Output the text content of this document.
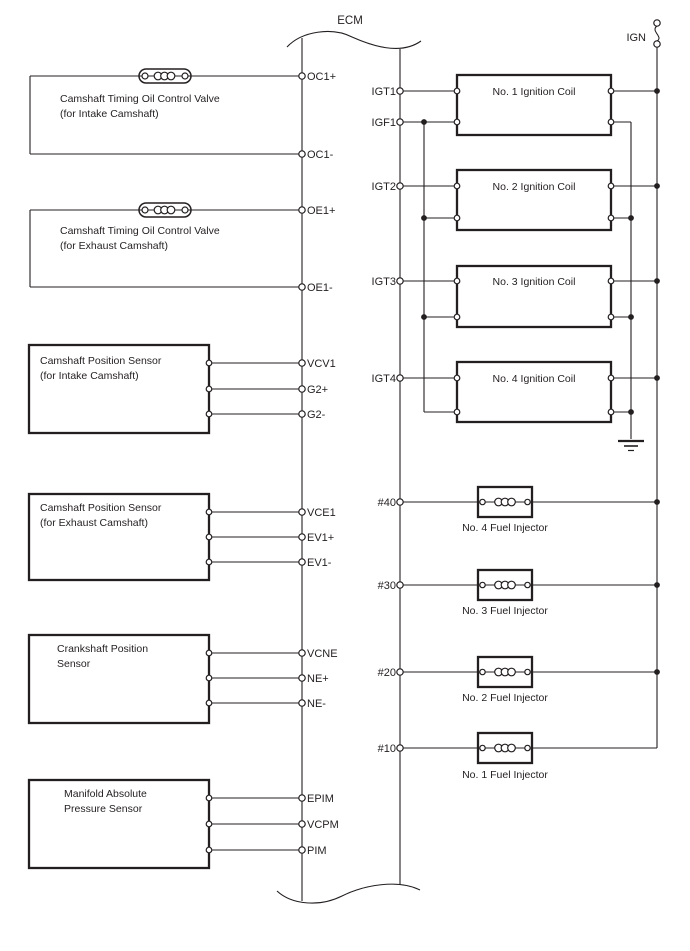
ECM
Camshaft Timing Oil Control Valve
(for Intake Camshaft)
Camshaft Timing Oil Control Valve
(for Exhaust Camshaft)
Camshaft Position Sensor
(for Intake Camshaft)
Camshaft Position Sensor
(for Exhaust Camshaft)
Crankshaft Position
Sensor
Manifold Absolute
Pressure Sensor
OC1+
OC1-
OE1+
OE1-
VCV1
G2+
G2-
VCE1
EV1+
EV1-
VCNE
NE+
NE-
EPIM
VCPM
PIM
No. 1 Ignition Coil
No. 2 Ignition Coil
No. 3 Ignition Coil
No. 4 Ignition Coil
IGN
No. 4 Fuel Injector
No. 3 Fuel Injector
No. 2 Fuel Injector
No. 1 Fuel Injector
IGT1
IGF1
IGT2
IGT3
IGT4
#40
#30
#20
#10
